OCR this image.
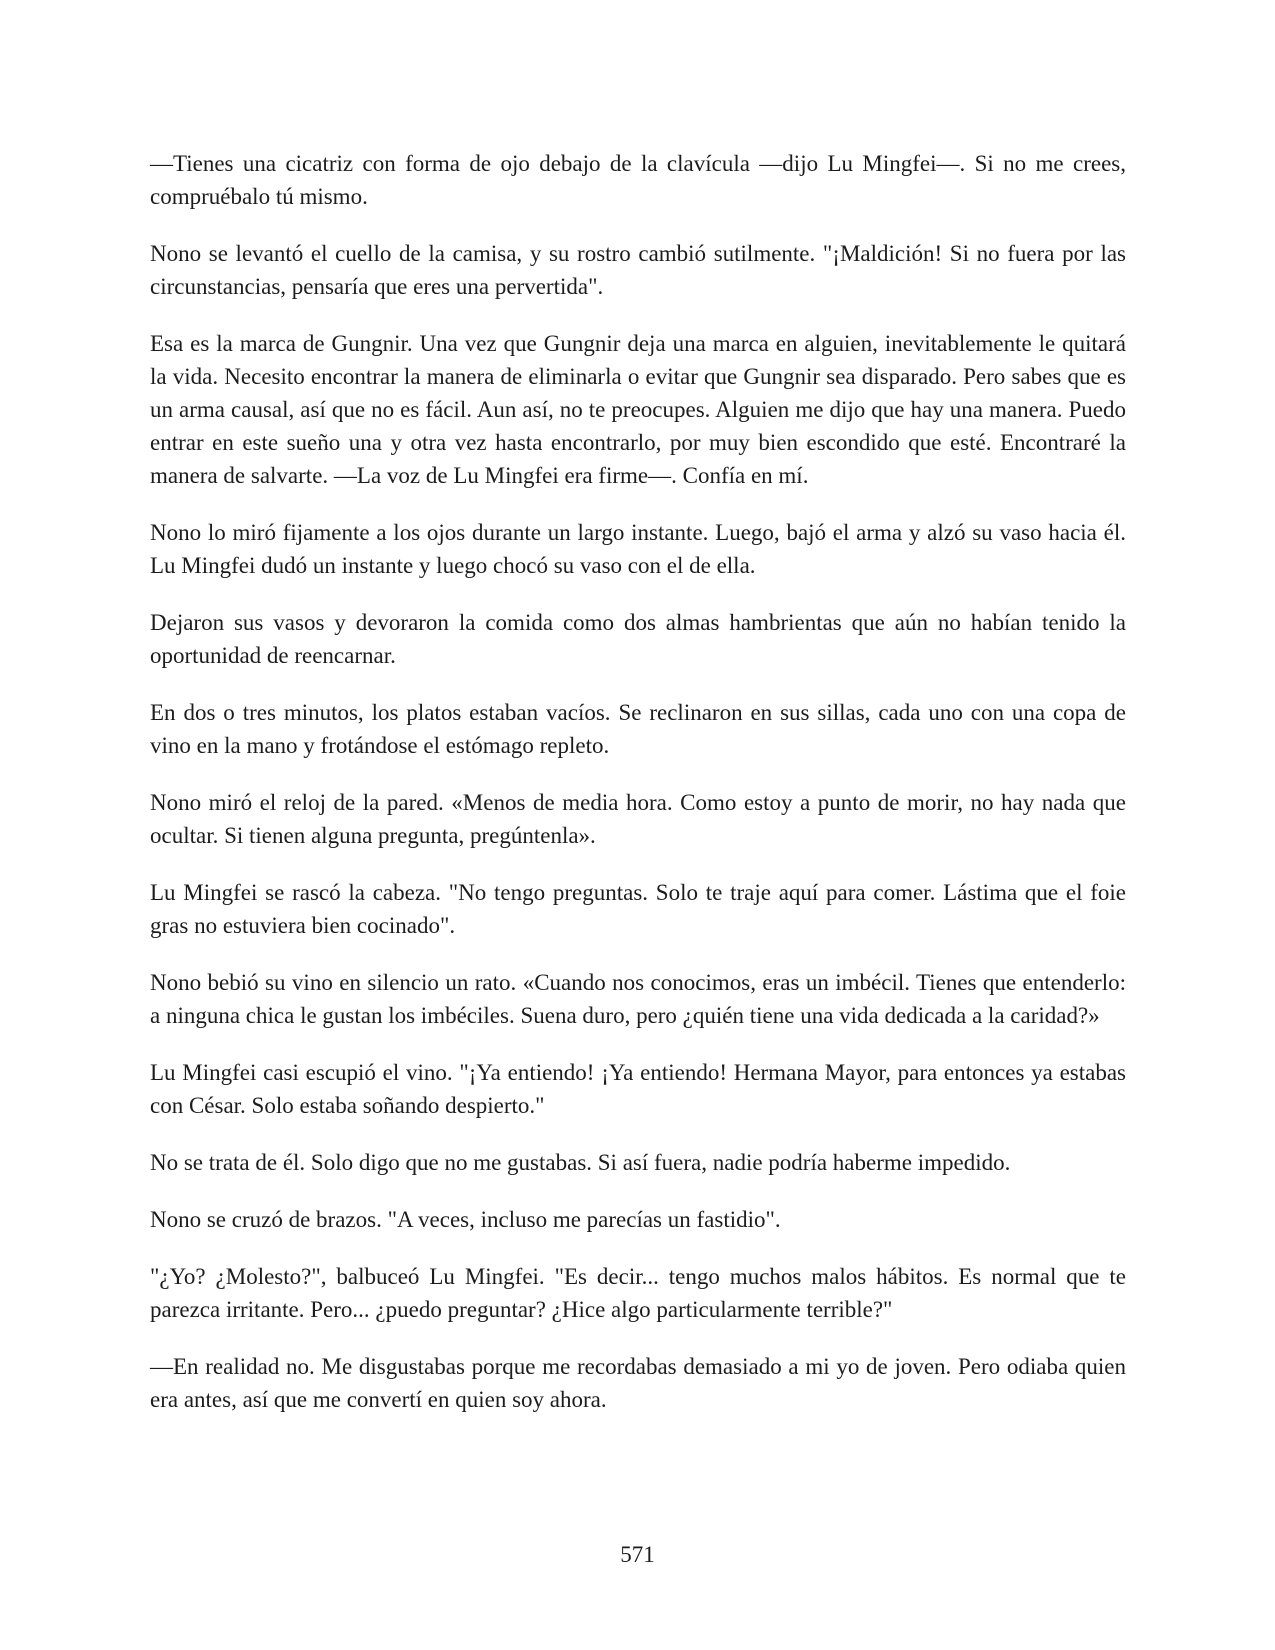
—Tienes una cicatriz con forma de ojo debajo de la clavícula —dijo Lu Mingfei—. Si no me crees, compruébalo tú mismo.

Nono se levantó el cuello de la camisa, y su rostro cambió sutilmente. "¡Maldición! Si no fuera por las circunstancias, pensaría que eres una pervertida".

Esa es la marca de Gungnir. Una vez que Gungnir deja una marca en alguien, inevitablemente le quitará la vida. Necesito encontrar la manera de eliminarla o evitar que Gungnir sea disparado. Pero sabes que es un arma causal, así que no es fácil. Aun así, no te preocupes. Alguien me dijo que hay una manera. Puedo entrar en este sueño una y otra vez hasta encontrarlo, por muy bien escondido que esté. Encontraré la manera de salvarte. —La voz de Lu Mingfei era firme—. Confía en mí.

Nono lo miró fijamente a los ojos durante un largo instante. Luego, bajó el arma y alzó su vaso hacia él. Lu Mingfei dudó un instante y luego chocó su vaso con el de ella.

Dejaron sus vasos y devoraron la comida como dos almas hambrientas que aún no habían tenido la oportunidad de reencarnar.

En dos o tres minutos, los platos estaban vacíos. Se reclinaron en sus sillas, cada uno con una copa de vino en la mano y frotándose el estómago repleto.

Nono miró el reloj de la pared. «Menos de media hora. Como estoy a punto de morir, no hay nada que ocultar. Si tienen alguna pregunta, pregúntenla».

Lu Mingfei se rascó la cabeza. "No tengo preguntas. Solo te traje aquí para comer. Lástima que el foie gras no estuviera bien cocinado".

Nono bebió su vino en silencio un rato. «Cuando nos conocimos, eras un imbécil. Tienes que entenderlo: a ninguna chica le gustan los imbéciles. Suena duro, pero ¿quién tiene una vida dedicada a la caridad?»

Lu Mingfei casi escupió el vino. "¡Ya entiendo! ¡Ya entiendo! Hermana Mayor, para entonces ya estabas con César. Solo estaba soñando despierto."

No se trata de él. Solo digo que no me gustabas. Si así fuera, nadie podría haberme impedido.

Nono se cruzó de brazos. "A veces, incluso me parecías un fastidio".

"¿Yo? ¿Molesto?", balbuceó Lu Mingfei. "Es decir... tengo muchos malos hábitos. Es normal que te parezca irritante. Pero... ¿puedo preguntar? ¿Hice algo particularmente terrible?"

—En realidad no. Me disgustabas porque me recordabas demasiado a mi yo de joven. Pero odiaba quien era antes, así que me convertí en quien soy ahora.

571
